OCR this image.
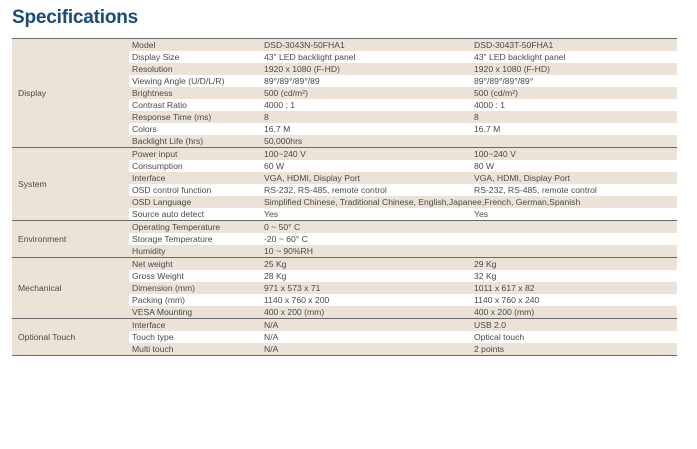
Specifications
Display	Model	DSD-3043N-50FHA1	DSD-3043T-50FHA1
	Display Size	43" LED backlight panel	43" LED backlight panel
	Resolution	1920 x 1080 (F-HD)	1920 x 1080 (F-HD)
	Viewing Angle (U/D/L/R)	89°/89°/89°/89	89°/89°/89°/89°
	Brightness	500 (cd/m²)	500 (cd/m²)
	Contrast Ratio	4000 : 1	4000 : 1
	Response Time (ms)	8	8
	Colors	16.7 M	16.7 M
	Backlight Life (hrs)	50,000hrs	
System	Power input	100~240 V	100~240 V
	Consumption	60 W	80 W
	Interface	VGA, HDMI, Display Port	VGA, HDMI, Display Port
	OSD control function	RS-232, RS-485, remote control	RS-232, RS-485, remote control
	OSD Language	Simplified Chinese, Traditional Chinese, English,Japanee,French, German,Spanish	
	Source auto detect	Yes	Yes
Environment	Operating Temperature	0 ~ 50° C	
	Storage Temperature	-20 ~ 60° C	
	Humidity	10 ~ 90%RH	
Mechanical	Net weight	25 Kg	29 Kg
	Gross Weight	28 Kg	32 Kg
	Dimension (mm)	971 x 573 x 71	1011 x 617 x 82
	Packing (mm)	1140 x 760 x 200	1140 x 760 x 240
	VESA Mounting	400 x 200 (mm)	400 x 200 (mm)
Optional Touch	Interface	N/A	USB 2.0
	Touch type	N/A	Optical touch
	Multi touch	N/A	2 points
